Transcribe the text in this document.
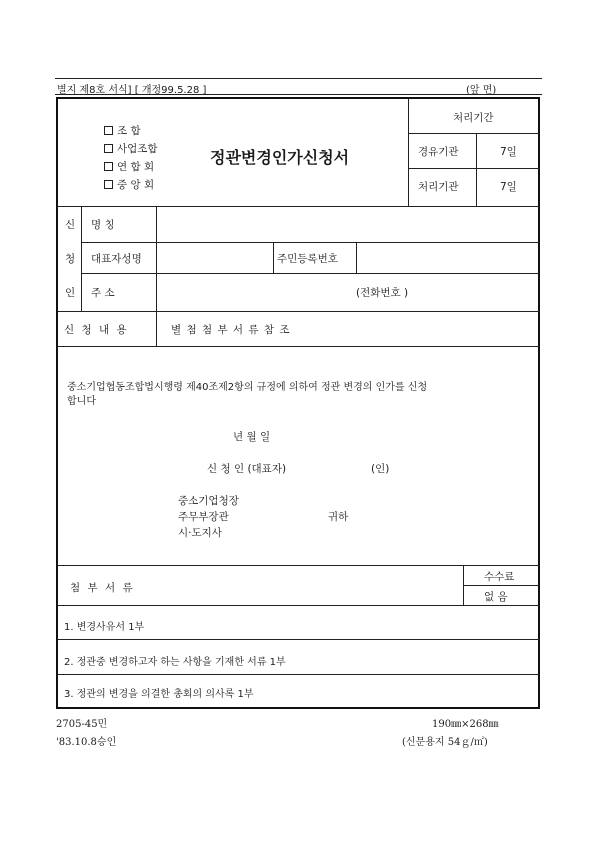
별지 제8호 서식] [ 개정99.5.28 ]	(앞 면)
조 합
사업조합
연 합 회
중 앙 회
정관변경인가신청서
처리기간
경유기관	7일
처리기관	7일
신
청
인
명 칭
대표자성명	주민등록번호
주 소	(전화번호 )
신 청 내 용	별 첨 첨 부 서 류 참 조
중소기업협동조합법시행령 제40조제2항의 규정에 의하여 정관 변경의 인가를 신청
합니다
년 월 일
신 청 인 (대표자)	(인)
중소기업청장
주무부장관
시·도지사
귀하
첨 부 서 류
수수료
없 음
1. 변경사유서 1부
2. 정관중 변경하고자 하는 사항을 기재한 서류 1부
3. 정관의 변경을 의결한 총회의 의사록 1부
2705-45민
'83.10.8승인
190㎜×268㎜
(신문용지 54ｇ/㎡)
